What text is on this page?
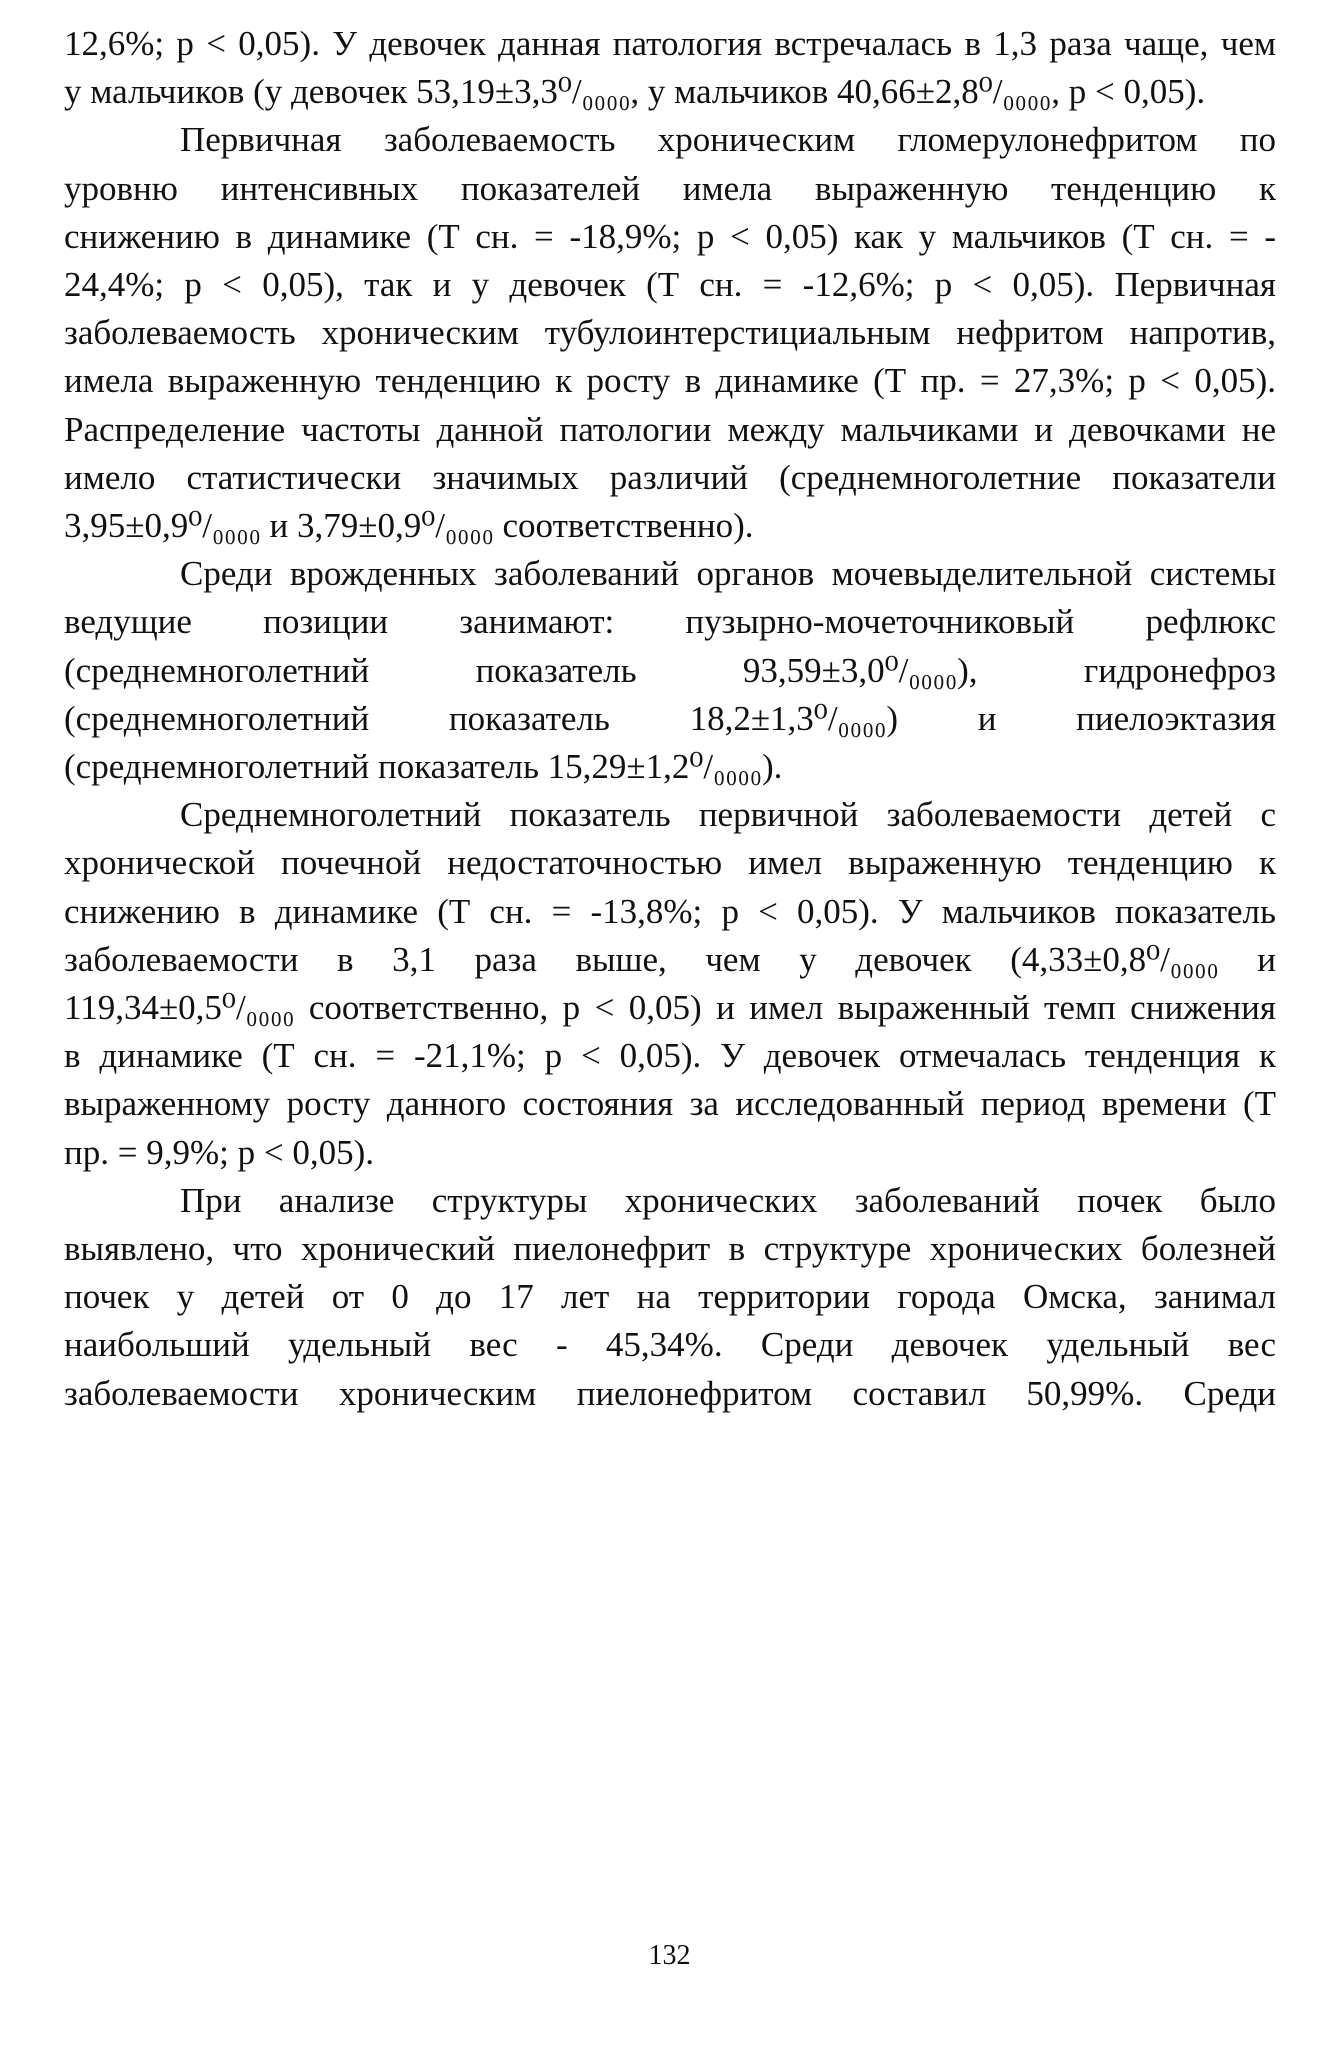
12,6%; р < 0,05). У девочек данная патология встречалась в 1,3 раза чаще, чем
у мальчиков (у девочек 53,19±3,3⁰/₀₀₀₀, у мальчиков 40,66±2,8⁰/₀₀₀₀, р < 0,05).
Первичная заболеваемость хроническим гломерулонефритом по
уровню интенсивных показателей имела выраженную тенденцию к
снижению в динамике (Т сн. = -18,9%; р < 0,05) как у мальчиков (Т сн. = -
24,4%; р < 0,05), так и у девочек (Т сн. = -12,6%; р < 0,05). Первичная
заболеваемость хроническим тубулоинтерстициальным нефритом напротив,
имела выраженную тенденцию к росту в динамике (Т пр. = 27,3%; р < 0,05).
Распределение частоты данной патологии между мальчиками и девочками не
имело статистически значимых различий (среднемноголетние показатели
3,95±0,9⁰/₀₀₀₀ и 3,79±0,9⁰/₀₀₀₀ соответственно).
Среди врожденных заболеваний органов мочевыделительной системы
ведущие позиции занимают: пузырно-мочеточниковый рефлюкс
(среднемноголетний показатель 93,59±3,0⁰/₀₀₀₀), гидронефроз
(среднемноголетний показатель 18,2±1,3⁰/₀₀₀₀) и пиелоэктазия
(среднемноголетний показатель 15,29±1,2⁰/₀₀₀₀).
Среднемноголетний показатель первичной заболеваемости детей с
хронической почечной недостаточностью имел выраженную тенденцию к
снижению в динамике (Т сн. = -13,8%; р < 0,05). У мальчиков показатель
заболеваемости в 3,1 раза выше, чем у девочек (4,33±0,8⁰/₀₀₀₀ и
119,34±0,5⁰/₀₀₀₀ соответственно, р < 0,05) и имел выраженный темп снижения
в динамике (Т сн. = -21,1%; р < 0,05). У девочек отмечалась тенденция к
выраженному росту данного состояния за исследованный период времени (Т
пр. = 9,9%; р < 0,05).
При анализе структуры хронических заболеваний почек было
выявлено, что хронический пиелонефрит в структуре хронических болезней
почек у детей от 0 до 17 лет на территории города Омска, занимал
наибольший удельный вес - 45,34%. Среди девочек удельный вес
заболеваемости хроническим пиелонефритом составил 50,99%. Среди
132
